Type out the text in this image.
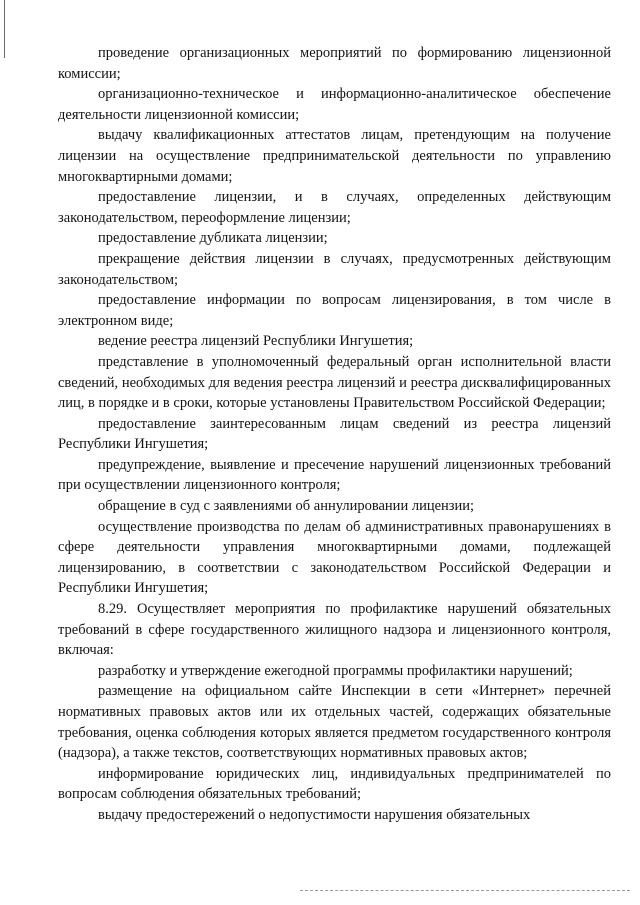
проведение организационных мероприятий по формированию лицензионной комиссии;

организационно-техническое и информационно-аналитическое обеспечение деятельности лицензионной комиссии;

выдачу квалификационных аттестатов лицам, претендующим на получение лицензии на осуществление предпринимательской деятельности по управлению многоквартирными домами;

предоставление лицензии, и в случаях, определенных действующим законодательством, переоформление лицензии;

предоставление дубликата лицензии;

прекращение действия лицензии в случаях, предусмотренных действующим законодательством;

предоставление информации по вопросам лицензирования, в том числе в электронном виде;

ведение реестра лицензий Республики Ингушетия;

представление в уполномоченный федеральный орган исполнительной власти сведений, необходимых для ведения реестра лицензий и реестра дисквалифицированных лиц, в порядке и в сроки, которые установлены Правительством Российской Федерации;

предоставление заинтересованным лицам сведений из реестра лицензий Республики Ингушетия;

предупреждение, выявление и пресечение нарушений лицензионных требований при осуществлении лицензионного контроля;

обращение в суд с заявлениями об аннулировании лицензии;

осуществление производства по делам об административных правонарушениях в сфере деятельности управления многоквартирными домами, подлежащей лицензированию, в соответствии с законодательством Российской Федерации и Республики Ингушетия;

8.29. Осуществляет мероприятия по профилактике нарушений обязательных требований в сфере государственного жилищного надзора и лицензионного контроля, включая:

разработку и утверждение ежегодной программы профилактики нарушений;

размещение на официальном сайте Инспекции в сети «Интернет» перечней нормативных правовых актов или их отдельных частей, содержащих обязательные требования, оценка соблюдения которых является предметом государственного контроля (надзора), а также текстов, соответствующих нормативных правовых актов;

информирование юридических лиц, индивидуальных предпринимателей по вопросам соблюдения обязательных требований;

выдачу предостережений о недопустимости нарушения обязательных
